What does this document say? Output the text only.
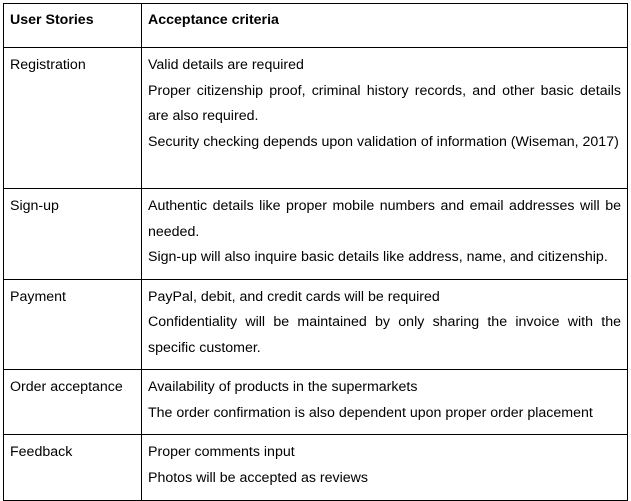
User Stories	Acceptance criteria

Registration	Valid details are required
Proper citizenship proof, criminal history records, and other basic details are also required.
Security checking depends upon validation of information (Wiseman, 2017)

Sign-up	Authentic details like proper mobile numbers and email addresses will be needed.
Sign-up will also inquire basic details like address, name, and citizenship.

Payment	PayPal, debit, and credit cards will be required
Confidentiality will be maintained by only sharing the invoice with the specific customer.

Order acceptance	Availability of products in the supermarkets
The order confirmation is also dependent upon proper order placement

Feedback	Proper comments input
Photos will be accepted as reviews
